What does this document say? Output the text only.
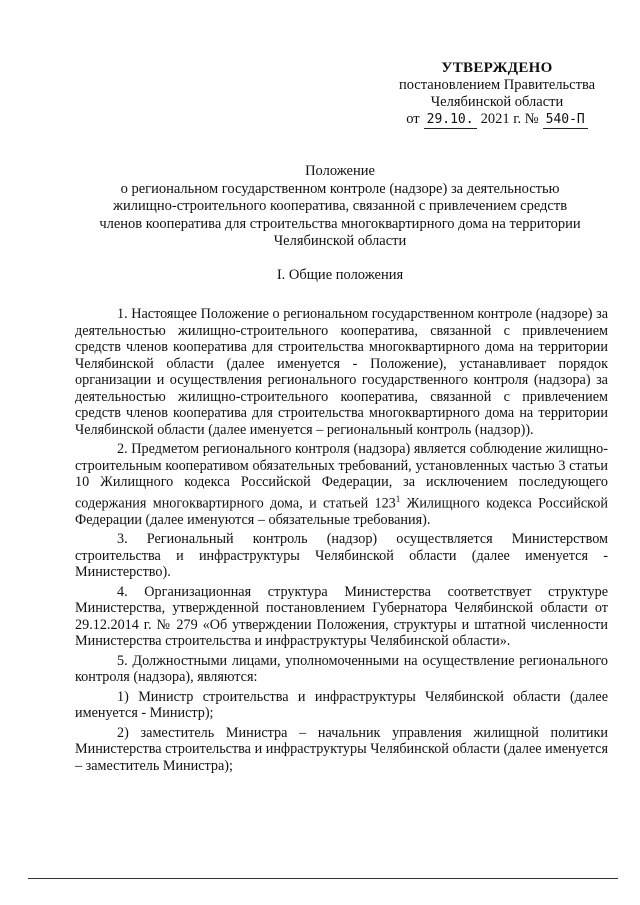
УТВЕРЖДЕНО
постановлением Правительства
Челябинской области
от 29.10. 2021 г. № 540-П
Положение
о региональном государственном контроле (надзоре) за деятельностью
жилищно-строительного кооператива, связанной с привлечением средств
членов кооператива для строительства многоквартирного дома на территории
Челябинской области
I. Общие положения

1. Настоящее Положение о региональном государственном контроле (надзоре) за деятельностью жилищно-строительного кооператива, связанной с привлечением средств членов кооператива для строительства многоквартирного дома на территории Челябинской области (далее именуется - Положение), устанавливает порядок организации и осуществления регионального государственного контроля (надзора) за деятельностью жилищно-строительного кооператива, связанной с привлечением средств членов кооператива для строительства многоквартирного дома на территории Челябинской области (далее именуется – региональный контроль (надзор)).

2. Предметом регионального контроля (надзора) является соблюдение жилищно-строительным кооперативом обязательных требований, установленных частью 3 статьи 10 Жилищного кодекса Российской Федерации, за исключением последующего содержания многоквартирного дома, и статьей $123^1$ Жилищного кодекса Российской Федерации (далее именуются – обязательные требования).

3. Региональный контроль (надзор) осуществляется Министерством строительства и инфраструктуры Челябинской области (далее именуется - Министерство).

4. Организационная структура Министерства соответствует структуре Министерства, утвержденной постановлением Губернатора Челябинской области от 29.12.2014 г. № 279 «Об утверждении Положения, структуры и штатной численности Министерства строительства и инфраструктуры Челябинской области».

5. Должностными лицами, уполномоченными на осуществление регионального контроля (надзора), являются:

1) Министр строительства и инфраструктуры Челябинской области (далее именуется - Министр);

2) заместитель Министра – начальник управления жилищной политики Министерства строительства и инфраструктуры Челябинской области (далее именуется – заместитель Министра);
